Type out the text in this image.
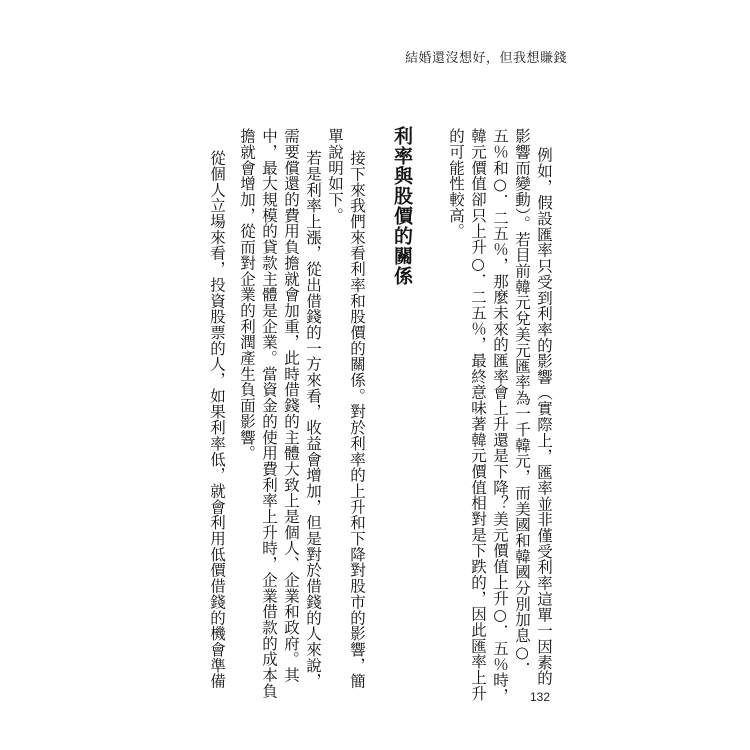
結婚還沒想好，但我想賺錢
例如，假設匯率只受到利率的影響（實際上，匯率並非僅受利率這單一因素的
影響而變動）。若目前韓元兌美元匯率為一千韓元，而美國和韓國分別加息○．
五％和○．二五％，那麼未來的匯率會上升還是下降？美元價值上升○．五％時，
韓元價值卻只上升○．二五％，最終意味著韓元價值相對是下跌的，因此匯率上升
的可能性較高。
利率與股價的關係
接下來我們來看利率和股價的關係。對於利率的上升和下降對股市的影響，簡
單說明如下。
若是利率上漲，從出借錢的一方來看，收益會增加，但是對於借錢的人來說，
需要償還的費用負擔就會加重，此時借錢的主體大致上是個人、企業和政府。其
中，最大規模的貸款主體是企業。當資金的使用費利率上升時，企業借款的成本負
擔就會增加，從而對企業的利潤產生負面影響。
從個人立場來看，投資股票的人，如果利率低，就會利用低價借錢的機會準備
132
